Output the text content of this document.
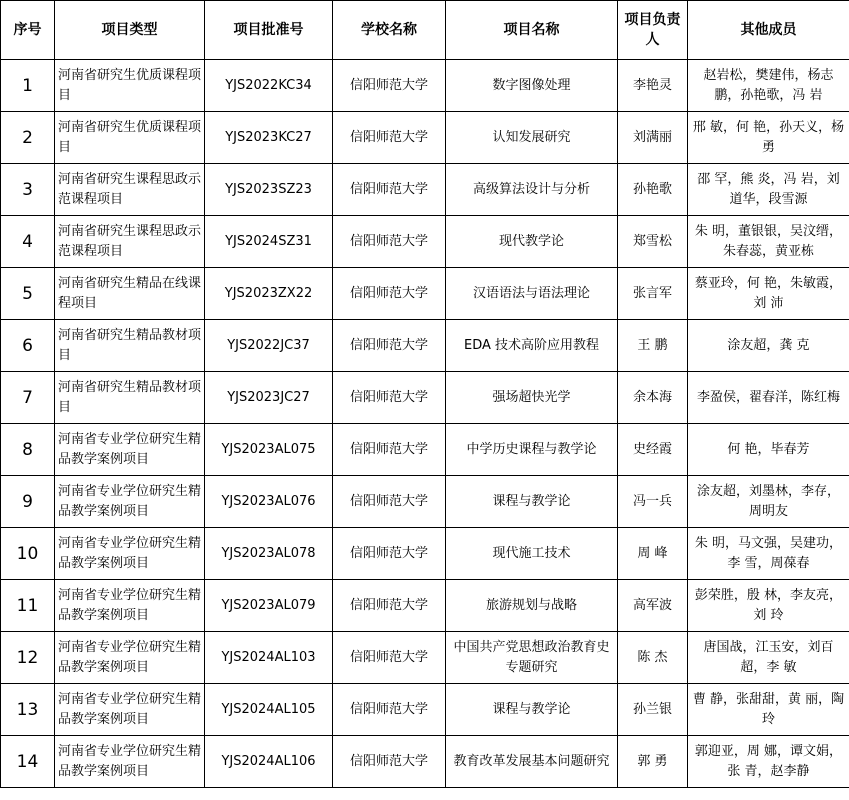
序号	项目类型	项目批准号	学校名称	项目名称	项目负责人	其他成员
1	河南省研究生优质课程项目	YJS2022KC34	信阳师范大学	数字图像处理	李艳灵	赵岩松，樊建伟，杨志鹏，孙艳歌，冯 岩
2	河南省研究生优质课程项目	YJS2023KC27	信阳师范大学	认知发展研究	刘满丽	邢 敏，何 艳，孙天义，杨 勇
3	河南省研究生课程思政示范课程项目	YJS2023SZ23	信阳师范大学	高级算法设计与分析	孙艳歌	邵 罕，熊 炎，冯 岩，刘道华，段雪源
4	河南省研究生课程思政示范课程项目	YJS2024SZ31	信阳师范大学	现代教学论	郑雪松	朱 明，董银银，吴汶缙，朱春蕊，黄亚栋
5	河南省研究生精品在线课程项目	YJS2023ZX22	信阳师范大学	汉语语法与语法理论	张言军	蔡亚玲，何 艳，朱敏霞，刘 沛
6	河南省研究生精品教材项目	YJS2022JC37	信阳师范大学	EDA 技术高阶应用教程	王 鹏	涂友超，龚 克
7	河南省研究生精品教材项目	YJS2023JC27	信阳师范大学	强场超快光学	余本海	李盈侯，翟春洋，陈红梅
8	河南省专业学位研究生精品教学案例项目	YJS2023AL075	信阳师范大学	中学历史课程与教学论	史经霞	何 艳，毕春芳
9	河南省专业学位研究生精品教学案例项目	YJS2023AL076	信阳师范大学	课程与教学论	冯一兵	涂友超，刘墨林，李存，周明友
10	河南省专业学位研究生精品教学案例项目	YJS2023AL078	信阳师范大学	现代施工技术	周 峰	朱 明，马文强，吴建功，李 雪，周葆春
11	河南省专业学位研究生精品教学案例项目	YJS2023AL079	信阳师范大学	旅游规划与战略	高军波	彭荣胜，殷 林，李友亮，刘 玲
12	河南省专业学位研究生精品教学案例项目	YJS2024AL103	信阳师范大学	中国共产党思想政治教育史专题研究	陈 杰	唐国战，江玉安，刘百超，李 敏
13	河南省专业学位研究生精品教学案例项目	YJS2024AL105	信阳师范大学	课程与教学论	孙兰银	曹 静，张甜甜，黄 丽，陶 玲
14	河南省专业学位研究生精品教学案例项目	YJS2024AL106	信阳师范大学	教育改革发展基本问题研究	郭 勇	郭迎亚，周 娜，谭文娟，张 青，赵李静
